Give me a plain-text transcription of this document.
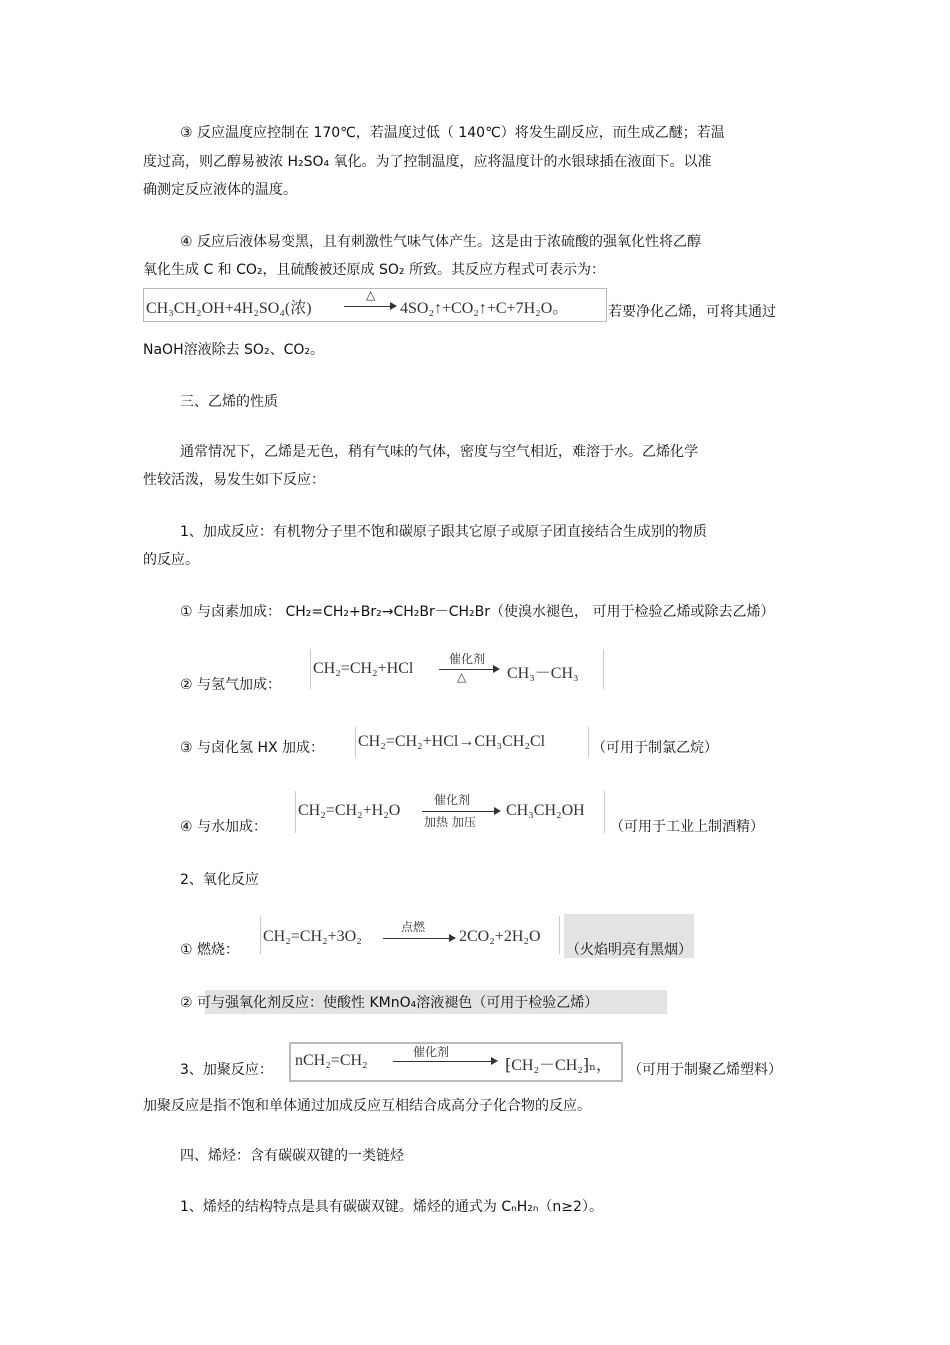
③ 反应温度应控制在 170℃，若温度过低（ 140℃）将发生副反应，而生成乙醚；若温
度过高，则乙醇易被浓 H₂SO₄ 氧化。为了控制温度，应将温度计的水银球插在液面下。以准
确测定反应液体的温度。
④ 反应后液体易变黑，且有刺激性气味气体产生。这是由于浓硫酸的强氧化性将乙醇
氧化生成 C 和 CO₂，且硫酸被还原成 SO₂ 所致。其反应方程式可表示为：
CH₃CH₂OH+4H₂SO₄(浓)
△
4SO₂↑+CO₂↑+C+7H₂O。	若要净化乙烯，可将其通过
NaOH溶液除去 SO₂、CO₂。
三、乙烯的性质
通常情况下，乙烯是无色，稍有气味的气体，密度与空气相近，难溶于水。乙烯化学
性较活泼，易发生如下反应：
1、加成反应：有机物分子里不饱和碳原子跟其它原子或原子团直接结合生成别的物质
的反应。
① 与卤素加成： CH₂=CH₂+Br₂→CH₂Br－CH₂Br（使溴水褪色， 可用于检验乙烯或除去乙烯）
② 与氢气加成：
CH₂=CH₂+HCl
催化剂
△	CH₃－CH₃
③ 与卤化氢 HX 加成： CH₂=CH₂+HCl→CH₃CH₂Cl	（可用于制氯乙烷）
④ 与水加成：
CH₂=CH₂+H₂O
催化剂
加热 加压
CH₃CH₂OH
（可用于工业上制酒精）
2、氧化反应
① 燃烧：
CH₂=CH₂+3O₂
点燃
2CO₂+2H₂O
（火焰明亮有黑烟）
② 可与强氧化剂反应：使酸性 KMnO₄溶液褪色（可用于检验乙烯）
3、加聚反应：
nCH₂=CH₂	催化剂
⁅CH₂－CH₂⁆ₙ， （可用于制聚乙烯塑料）
加聚反应是指不饱和单体通过加成反应互相结合成高分子化合物的反应。
四、烯烃：含有碳碳双键的一类链烃
1、烯烃的结构特点是具有碳碳双键。烯烃的通式为 CₙH₂ₙ（n≥2）。
